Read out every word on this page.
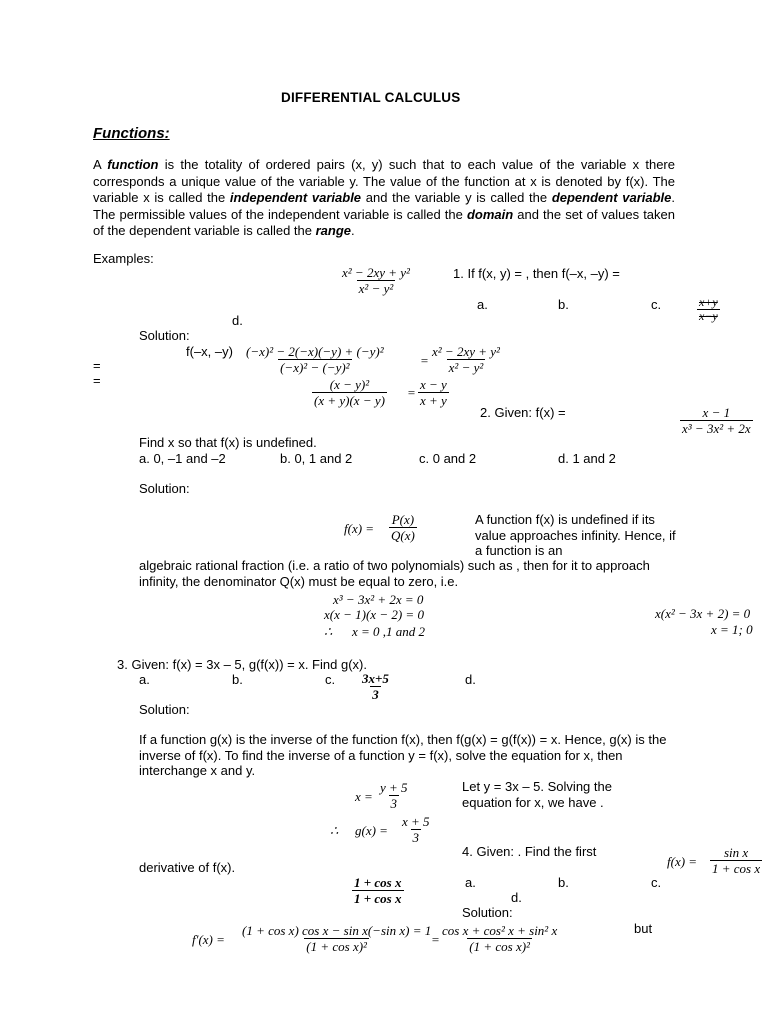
DIFFERENTIAL CALCULUS
Functions:
A function is the totality of ordered pairs (x, y) such that to each value of the variable x there corresponds a unique value of the variable y. The value of the function at x is denoted by f(x). The variable x is called the independent variable and the variable y is called the dependent variable. The permissible values of the independent variable is called the domain and the set of values taken of the dependent variable is called the range.
Examples:
$\frac{\text{x² − 2xy + y²}}{\text{x² − y²}}$	1. If f(x, y) = , then f(–x, –y) =
a.	b.	c.	$\frac{x+y}{x-y}$
d.
Solution:
f(–x, –y)
=
=
$\frac{\text{(−x)² − 2(−x)(−y) + (−y)²}}{\text{(−x)² − (−y)²}}$	= $\frac{\text{x² − 2xy + y²}}{\text{x² − y²}}$
$\frac{\text{(x − y)²}}{(x + y)(x - y)} = \frac{x - y}{x + y}$
2. Given: f(x) =	$\frac{x - 1}{\text{x³ − 3x² + 2x}}$
Find x so that f(x) is undefined.
a. 0, –1 and –2	b. 0, 1 and 2	c. 0 and 2	d. 1 and 2
Solution:
$f(x) = \frac{P(x)}{Q(x)}$	A function f(x) is undefined if its value approaches infinity. Hence, if a function is an
algebraic rational fraction (i.e. a ratio of two polynomials) such as , then for it to approach infinity, the denominator Q(x) must be equal to zero, i.e.
x³ − 3x² + 2x = 0
x(x − 1)(x − 2) = 0
∴ x = 0 ,1 and 2
x(x² − 3x + 2) = 0
x = 1; 0
3. Given: f(x) = 3x – 5, g(f(x)) = x. Find g(x).
a.	b.	c. $\frac{3x+5}{3}$	d.
Solution:
If a function g(x) is the inverse of the function f(x), then f(g(x) = g(f(x)) = x. Hence, g(x) is the inverse of f(x). To find the inverse of a function y = f(x), solve the equation for x, then interchange x and y.
Let y = 3x – 5. Solving the equation for x, we have .
$x = \frac{y + 5}{3}$
∴ $g(x) = \frac{x + 5}{3}$
4. Given: . Find the first
$f(x) = \frac{\text{sin x}}{\text{1 + cos x}}$
derivative of f(x).
$\frac{\text{1 + cos x}}{\text{1 + cos x}}$	a.	b.	c.
d.
Solution:
$f'(x) = \frac{\text{(1 + cos x) cos x − sin x(−sin x) = 1}}{\text{(1 + cos x)²}}$
= $\frac{\text{cos x + cos² x + sin² x}}{\text{(1 + cos x)²}}$	but
